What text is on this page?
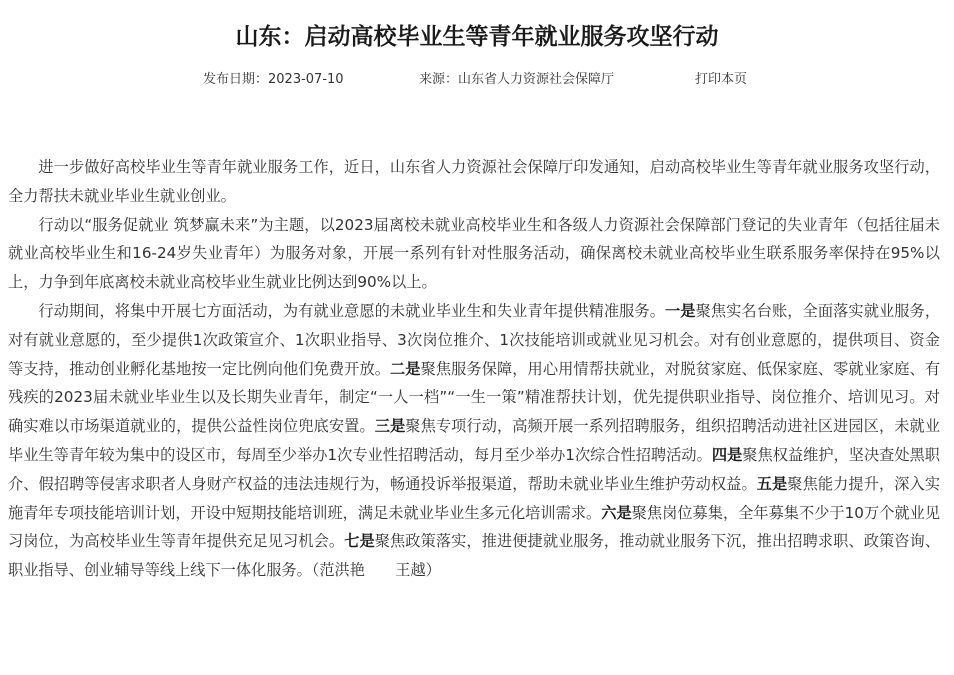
山东：启动高校毕业生等青年就业服务攻坚行动
发布日期：2023-07-10	来源：山东省人力资源社会保障厅	打印本页

进一步做好高校毕业生等青年就业服务工作，近日，山东省人力资源社会保障厅印发通知，启动高校毕业生等青年就业服务攻坚行动，全力帮扶未就业毕业生就业创业。

行动以“服务促就业 筑梦赢未来”为主题，以2023届离校未就业高校毕业生和各级人力资源社会保障部门登记的失业青年（包括往届未就业高校毕业生和16-24岁失业青年）为服务对象，开展一系列有针对性服务活动，确保离校未就业高校毕业生联系服务率保持在95%以上，力争到年底离校未就业高校毕业生就业比例达到90%以上。

行动期间，将集中开展七方面活动，为有就业意愿的未就业毕业生和失业青年提供精准服务。一是聚焦实名台账，全面落实就业服务，对有就业意愿的，至少提供1次政策宣介、1次职业指导、3次岗位推介、1次技能培训或就业见习机会。对有创业意愿的，提供项目、资金等支持，推动创业孵化基地按一定比例向他们免费开放。二是聚焦服务保障，用心用情帮扶就业，对脱贫家庭、低保家庭、零就业家庭、有残疾的2023届未就业毕业生以及长期失业青年，制定“一人一档”“一生一策”精准帮扶计划，优先提供职业指导、岗位推介、培训见习。对确实难以市场渠道就业的，提供公益性岗位兜底安置。三是聚焦专项行动，高频开展一系列招聘服务，组织招聘活动进社区进园区，未就业毕业生等青年较为集中的设区市，每周至少举办1次专业性招聘活动，每月至少举办1次综合性招聘活动。四是聚焦权益维护，坚决查处黑职介、假招聘等侵害求职者人身财产权益的违法违规行为，畅通投诉举报渠道，帮助未就业毕业生维护劳动权益。五是聚焦能力提升，深入实施青年专项技能培训计划，开设中短期技能培训班，满足未就业毕业生多元化培训需求。六是聚焦岗位募集，全年募集不少于10万个就业见习岗位，为高校毕业生等青年提供充足见习机会。七是聚焦政策落实，推进便捷就业服务，推动就业服务下沉，推出招聘求职、政策咨询、职业指导、创业辅导等线上线下一体化服务。（范洪艳　　王越）
